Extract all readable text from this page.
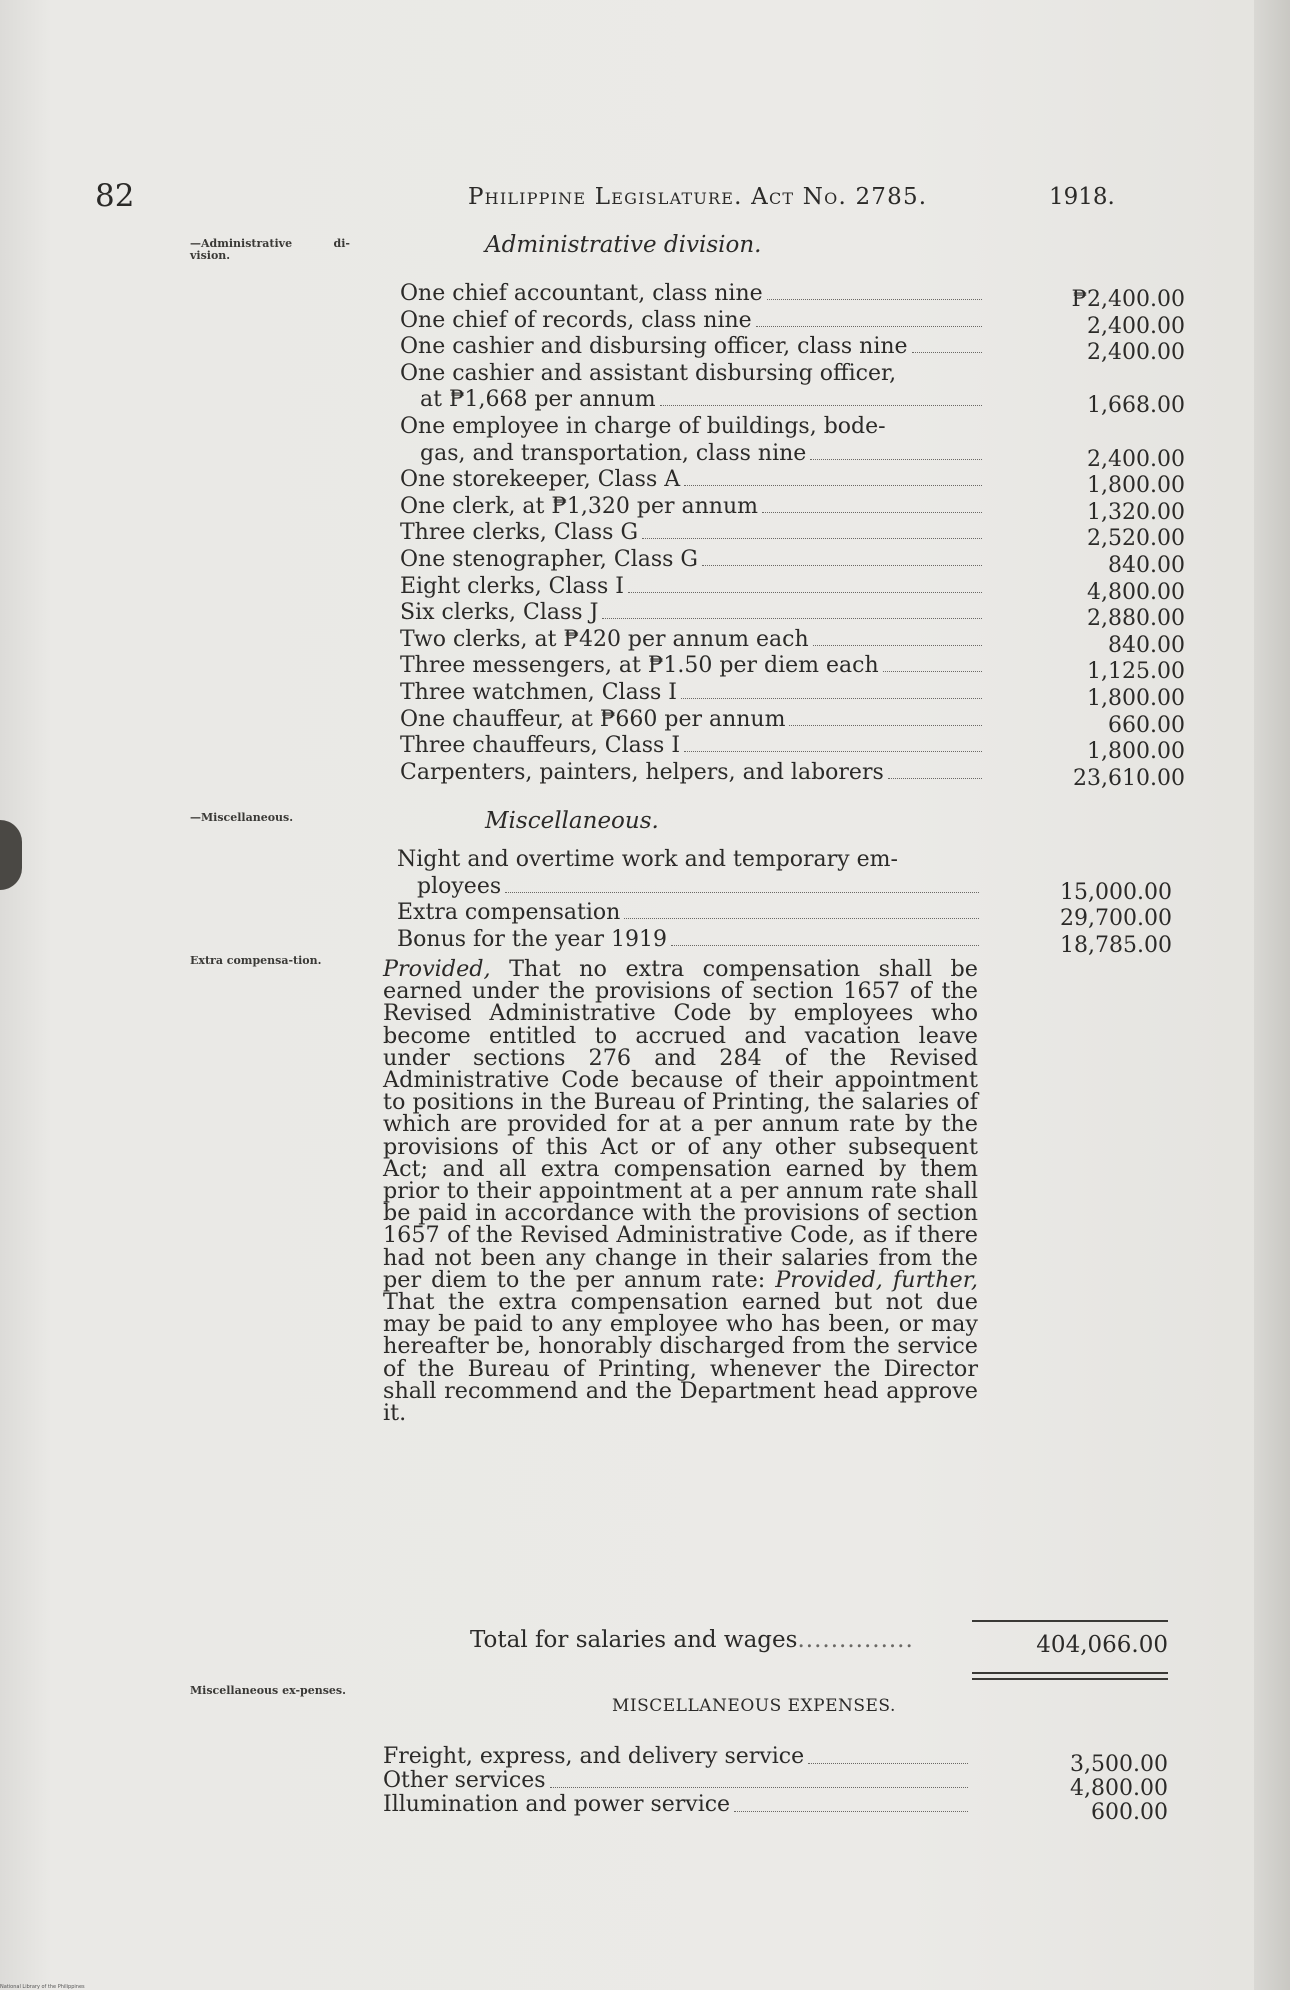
82	Philippine Legislature. Act No. 2785.	1918.
—Administrative di-vision.	Administrative division.
One chief accountant, class nine	₱2,400.00
One chief of records, class nine	2,400.00
One cashier and disbursing officer, class nine	2,400.00
One cashier and assistant disbursing officer,
at ₱1,668 per annum	1,668.00
One employee in charge of buildings, bode-
gas, and transportation, class nine	2,400.00
One storekeeper, Class A	1,800.00
One clerk, at ₱1,320 per annum	1,320.00
Three clerks, Class G	2,520.00
One stenographer, Class G	840.00
Eight clerks, Class I	4,800.00
Six clerks, Class J	2,880.00
Two clerks, at ₱420 per annum each	840.00
Three messengers, at ₱1.50 per diem each	1,125.00
Three watchmen, Class I	1,800.00
One chauffeur, at ₱660 per annum	660.00
Three chauffeurs, Class I	1,800.00
Carpenters, painters, helpers, and laborers	23,610.00
—Miscellaneous.	Miscellaneous.
Night and overtime work and temporary em-
ployees	15,000.00
Extra compensation	29,700.00
Bonus for the year 1919	18,785.00
Extra compensa-tion.	Provided, That no extra compensation shall be earned under the provisions of section 1657 of the Revised Administrative Code by employees who become entitled to accrued and vacation leave under sections 276 and 284 of the Revised Administrative Code because of their appointment to positions in the Bureau of Printing, the salaries of which are provided for at a per annum rate by the provisions of this Act or of any other subsequent Act; and all extra compensation earned by them prior to their appointment at a per annum rate shall be paid in accordance with the provisions of section 1657 of the Revised Administrative Code, as if there had not been any change in their salaries from the per diem to the per annum rate: Provided, further, That the extra compensation earned but not due may be paid to any employee who has been, or may hereafter be, honorably discharged from the service of the Bureau of Printing, whenever the Director shall recommend and the Department head approve it.
Total for salaries and wages..............	404,066.00
Miscellaneous ex-penses.
MISCELLANEOUS EXPENSES.
Freight, express, and delivery service	3,500.00
Other services	4,800.00
Illumination and power service	600.00
National Library of the Philippines
